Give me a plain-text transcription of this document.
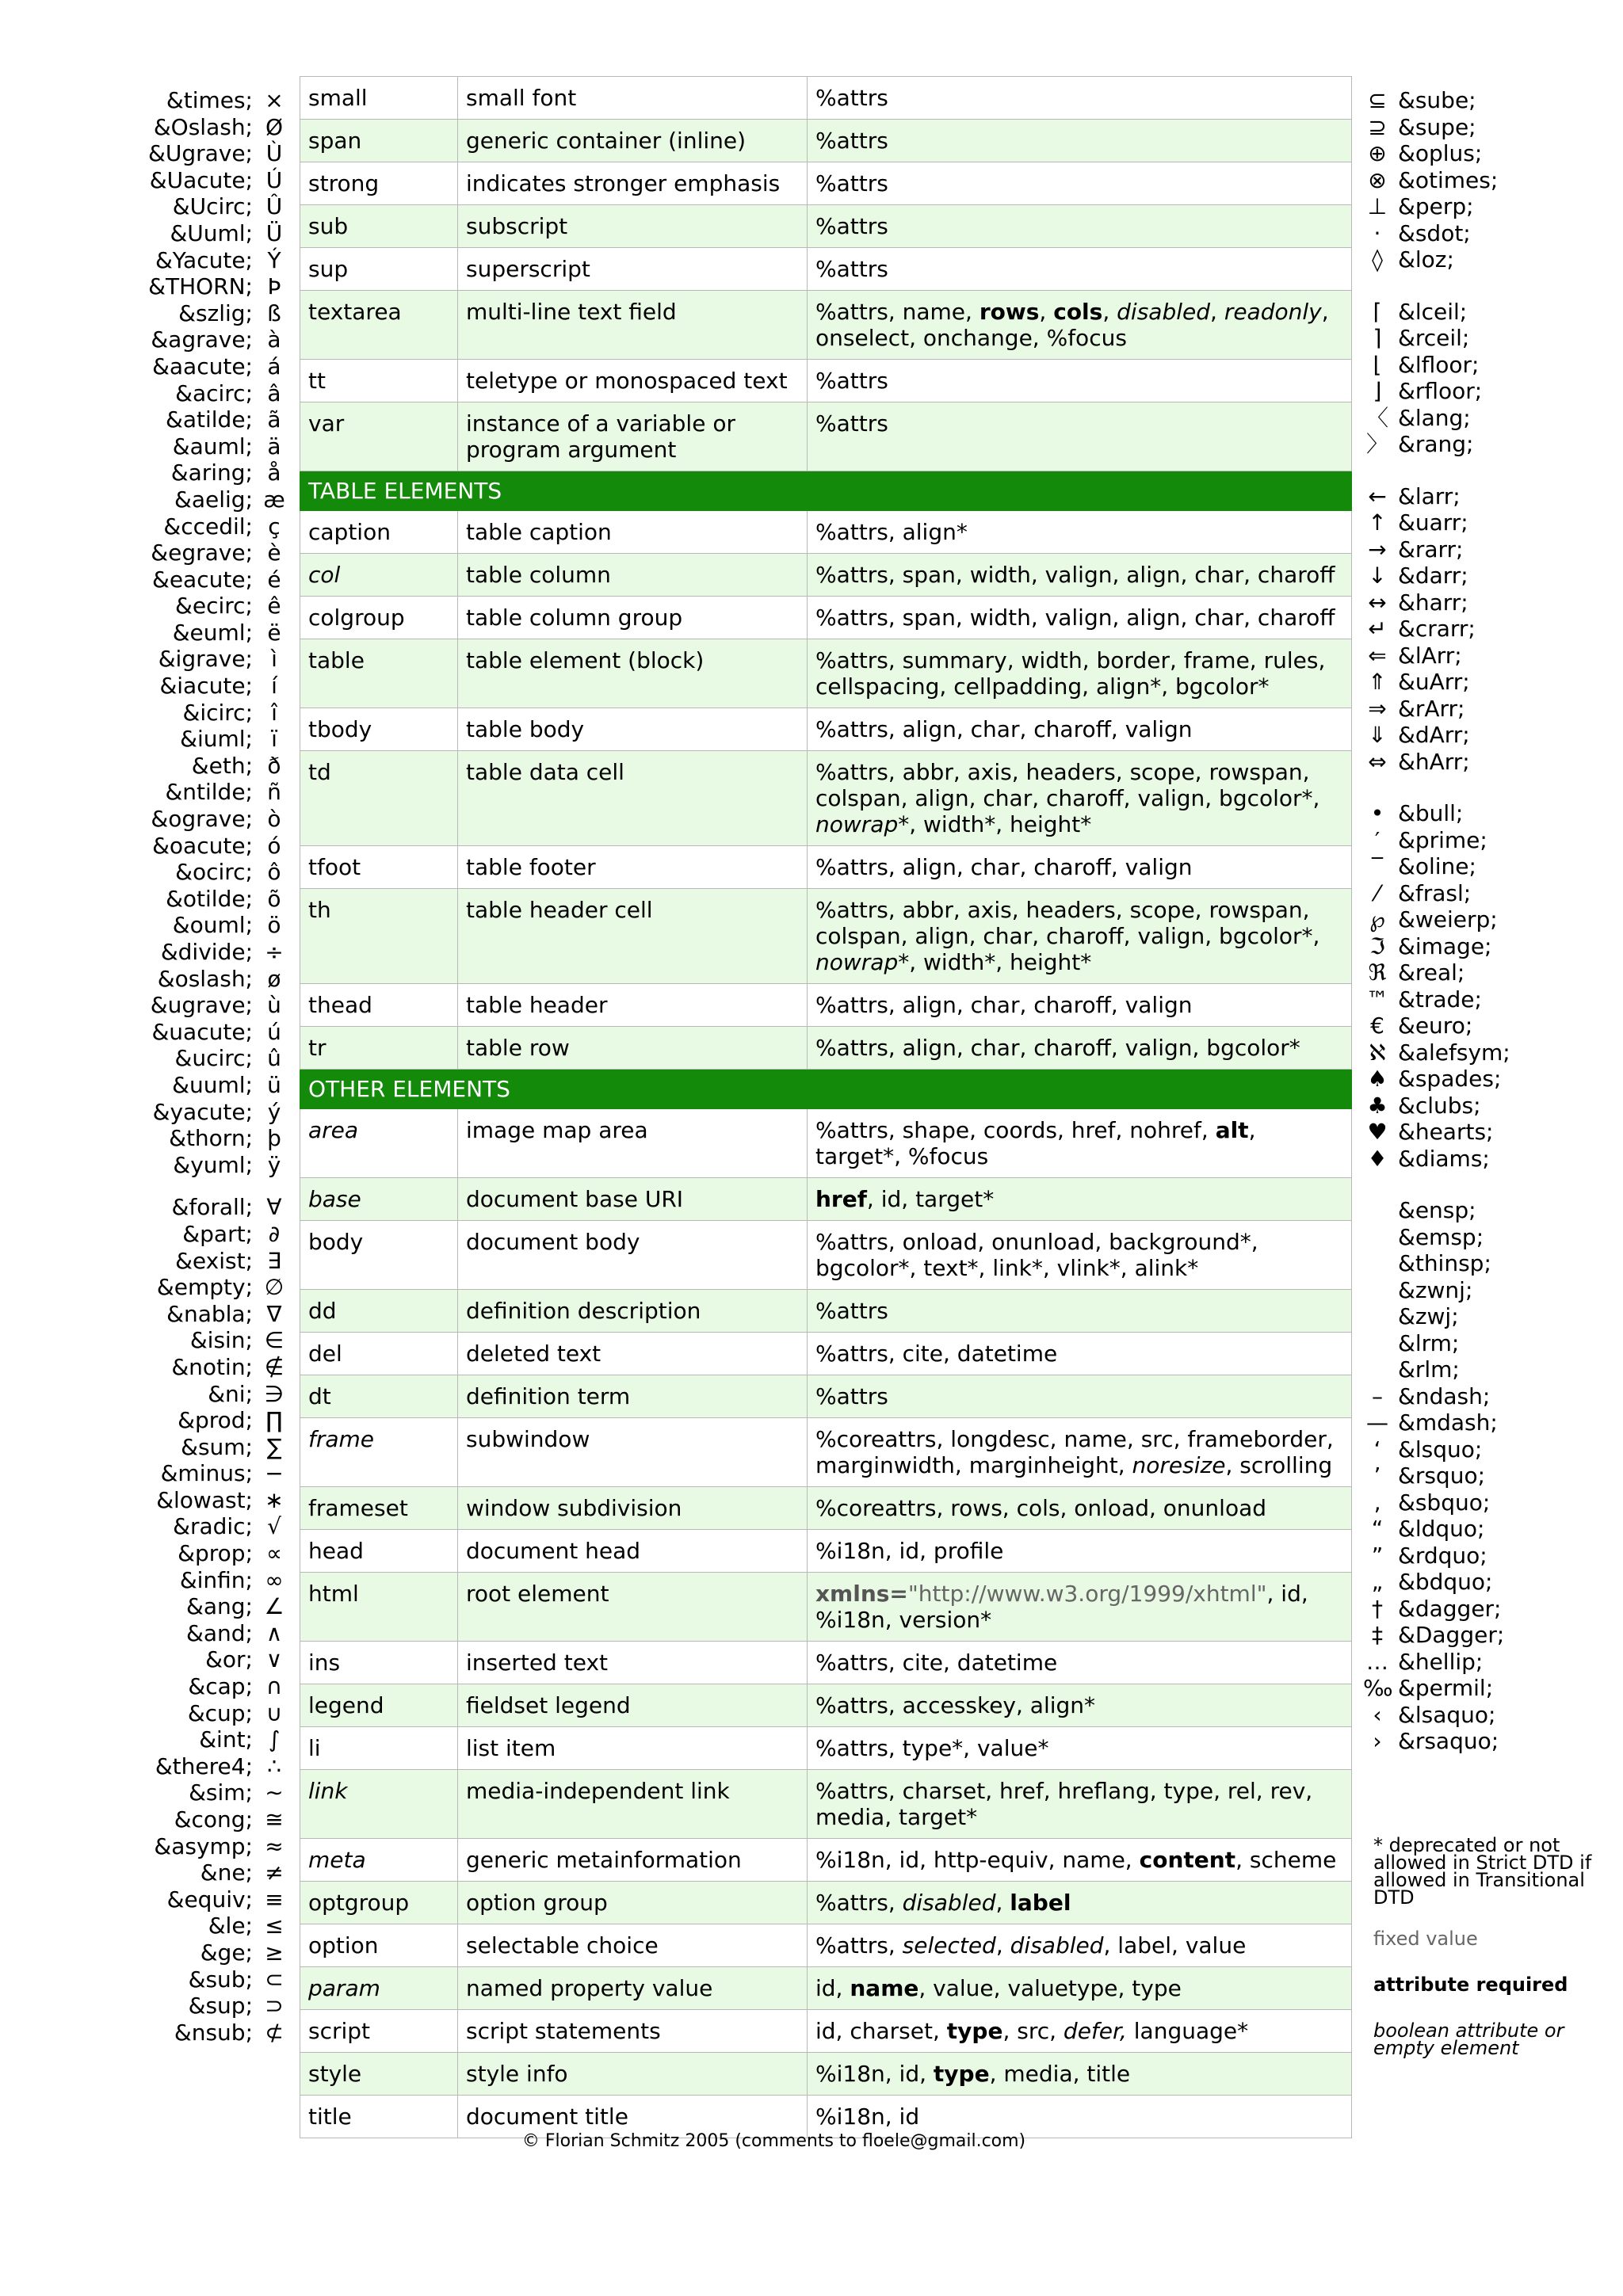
&times; ×
&Oslash; Ø
&Ugrave; Ù
&Uacute; Ú
&Ucirc; Û
&Uuml; Ü
&Yacute; Ý
&THORN; Þ
&szlig; ß
&agrave; à
&aacute; á
&acirc; â
&atilde; ã
&auml; ä
&aring; å
&aelig; æ
&ccedil; ç
&egrave; è
&eacute; é
&ecirc; ê
&euml; ë
&igrave; ì
&iacute; í
&icirc; î
&iuml; ï
&eth; ð
&ntilde; ñ
&ograve; ò
&oacute; ó
&ocirc; ô
&otilde; õ
&ouml; ö
&divide; ÷
&oslash; ø
&ugrave; ù
&uacute; ú
&ucirc; û
&uuml; ü
&yacute; ý
&thorn; þ
&yuml; ÿ
&forall; ∀
&part; ∂
&exist; ∃
&empty; ∅
&nabla; ∇
&isin; ∈
&notin; ∉
&ni; ∋
&prod; ∏
&sum; ∑
&minus; −
&lowast; ∗
&radic; √
&prop; ∝
&infin; ∞
&ang; ∠
&and; ∧
&or; ∨
&cap; ∩
&cup; ∪
&int; ∫
&there4; ∴
&sim; ∼
&cong; ≅
&asymp; ≈
&ne; ≠
&equiv; ≡
&le; ≤
&ge; ≥
&sub; ⊂
&sup; ⊃
&nsub; ⊄
small	small font	%attrs
span	generic container (inline)	%attrs
strong	indicates stronger emphasis	%attrs
sub	subscript	%attrs
sup	superscript	%attrs
textarea	multi-line text field	%attrs, name, rows, cols, disabled, readonly, onselect, onchange, %focus
tt	teletype or monospaced text	%attrs
var	instance of a variable or program argument	%attrs
TABLE ELEMENTS		
caption	table caption	%attrs, align*
col	table column	%attrs, span, width, valign, align, char, charoff
colgroup	table column group	%attrs, span, width, valign, align, char, charoff
table	table element (block)	%attrs, summary, width, border, frame, rules, cellspacing, cellpadding, align*, bgcolor*
tbody	table body	%attrs, align, char, charoff, valign
td	table data cell	%attrs, abbr, axis, headers, scope, rowspan, colspan, align, char, charoff, valign, bgcolor*, nowrap*, width*, height*
tfoot	table footer	%attrs, align, char, charoff, valign
th	table header cell	%attrs, abbr, axis, headers, scope, rowspan, colspan, align, char, charoff, valign, bgcolor*, nowrap*, width*, height*
thead	table header	%attrs, align, char, charoff, valign
tr	table row	%attrs, align, char, charoff, valign, bgcolor*
OTHER ELEMENTS		
area	image map area	%attrs, shape, coords, href, nohref, alt, target*, %focus
base	document base URI	href, id, target*
body	document body	%attrs, onload, onunload, background*, bgcolor*, text*, link*, vlink*, alink*
dd	definition description	%attrs
del	deleted text	%attrs, cite, datetime
dt	definition term	%attrs
frame	subwindow	%coreattrs, longdesc, name, src, frameborder, marginwidth, marginheight, noresize, scrolling
frameset	window subdivision	%coreattrs, rows, cols, onload, onunload
head	document head	%i18n, id, profile
html	root element	xmlns="http://www.w3.org/1999/xhtml", id, %i18n, version*
ins	inserted text	%attrs, cite, datetime
legend	fieldset legend	%attrs, accesskey, align*
li	list item	%attrs, type*, value*
link	media-independent link	%attrs, charset, href, hreflang, type, rel, rev, media, target*
meta	generic metainformation	%i18n, id, http-equiv, name, content, scheme
optgroup	option group	%attrs, disabled, label
option	selectable choice	%attrs, selected, disabled, label, value
param	named property value	id, name, value, valuetype, type
script	script statements	id, charset, type, src, defer, language*
style	style info	%i18n, id, type, media, title
title	document title	%i18n, id
⊆ &sube;
⊇ &supe;
⊕ &oplus;
⊗ &otimes;
⊥ &perp;
⋅ &sdot;
◊ &loz;
⌈ &lceil;
⌉ &rceil;
⌊ &lfloor;
⌋ &rfloor;
〈 &lang;
〉 &rang;
← &larr;
↑ &uarr;
→ &rarr;
↓ &darr;
↔ &harr;
↵ &crarr;
⇐ &lArr;
⇑ &uArr;
⇒ &rArr;
⇓ &dArr;
⇔ &hArr;
• &bull;
′ &prime;
‾ &oline;
⁄ &frasl;
℘ &weierp;
ℑ &image;
ℜ &real;
™ &trade;
€ &euro;
ℵ &alefsym;
♠ &spades;
♣ &clubs;
♥ &hearts;
♦ &diams;
&ensp;
&emsp;
&thinsp;
&zwnj;
&zwj;
&lrm;
&rlm;
– &ndash;
— &mdash;
‘ &lsquo;
’ &rsquo;
‚ &sbquo;
“ &ldquo;
” &rdquo;
„ &bdquo;
† &dagger;
‡ &Dagger;
… &hellip;
‰ &permil;
‹ &lsaquo;
› &rsaquo;
* deprecated or not allowed in Strict DTD if allowed in Transitional DTD
fixed value
attribute required
boolean attribute or empty element
© Florian Schmitz 2005 (comments to floele@gmail.com)
